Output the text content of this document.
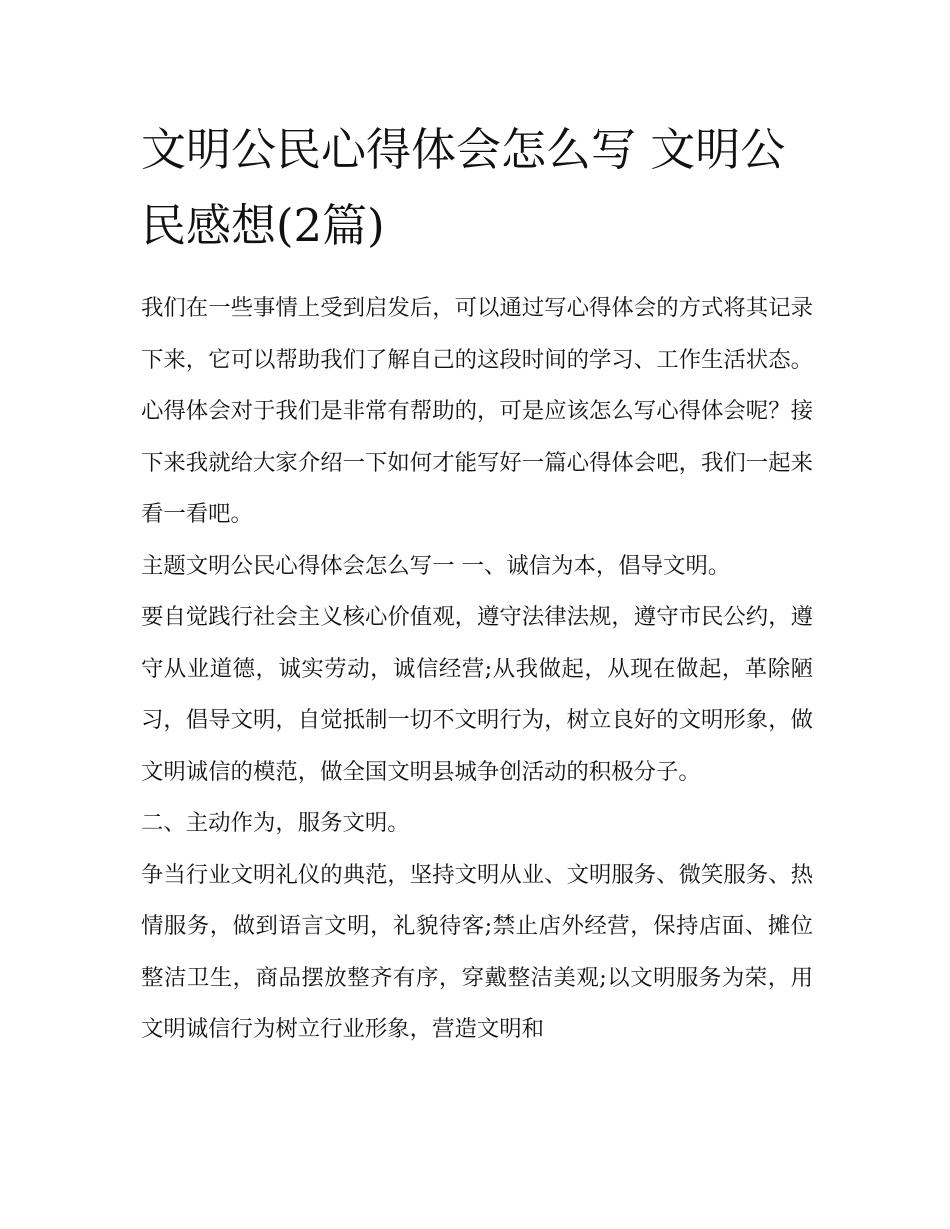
文明公民心得体会怎么写 文明公民感想(2篇)

我们在一些事情上受到启发后，可以通过写心得体会的方式将其记录下来，它可以帮助我们了解自己的这段时间的学习、工作生活状态。心得体会对于我们是非常有帮助的，可是应该怎么写心得体会呢？接下来我就给大家介绍一下如何才能写好一篇心得体会吧，我们一起来看一看吧。

主题文明公民心得体会怎么写一 一、诚信为本，倡导文明。

要自觉践行社会主义核心价值观，遵守法律法规，遵守市民公约，遵守从业道德，诚实劳动，诚信经营;从我做起，从现在做起，革除陋习，倡导文明，自觉抵制一切不文明行为，树立良好的文明形象，做文明诚信的模范，做全国文明县城争创活动的积极分子。

二、主动作为，服务文明。

争当行业文明礼仪的典范，坚持文明从业、文明服务、微笑服务、热情服务，做到语言文明，礼貌待客;禁止店外经营，保持店面、摊位整洁卫生，商品摆放整齐有序，穿戴整洁美观;以文明服务为荣，用文明诚信行为树立行业形象，营造文明和
